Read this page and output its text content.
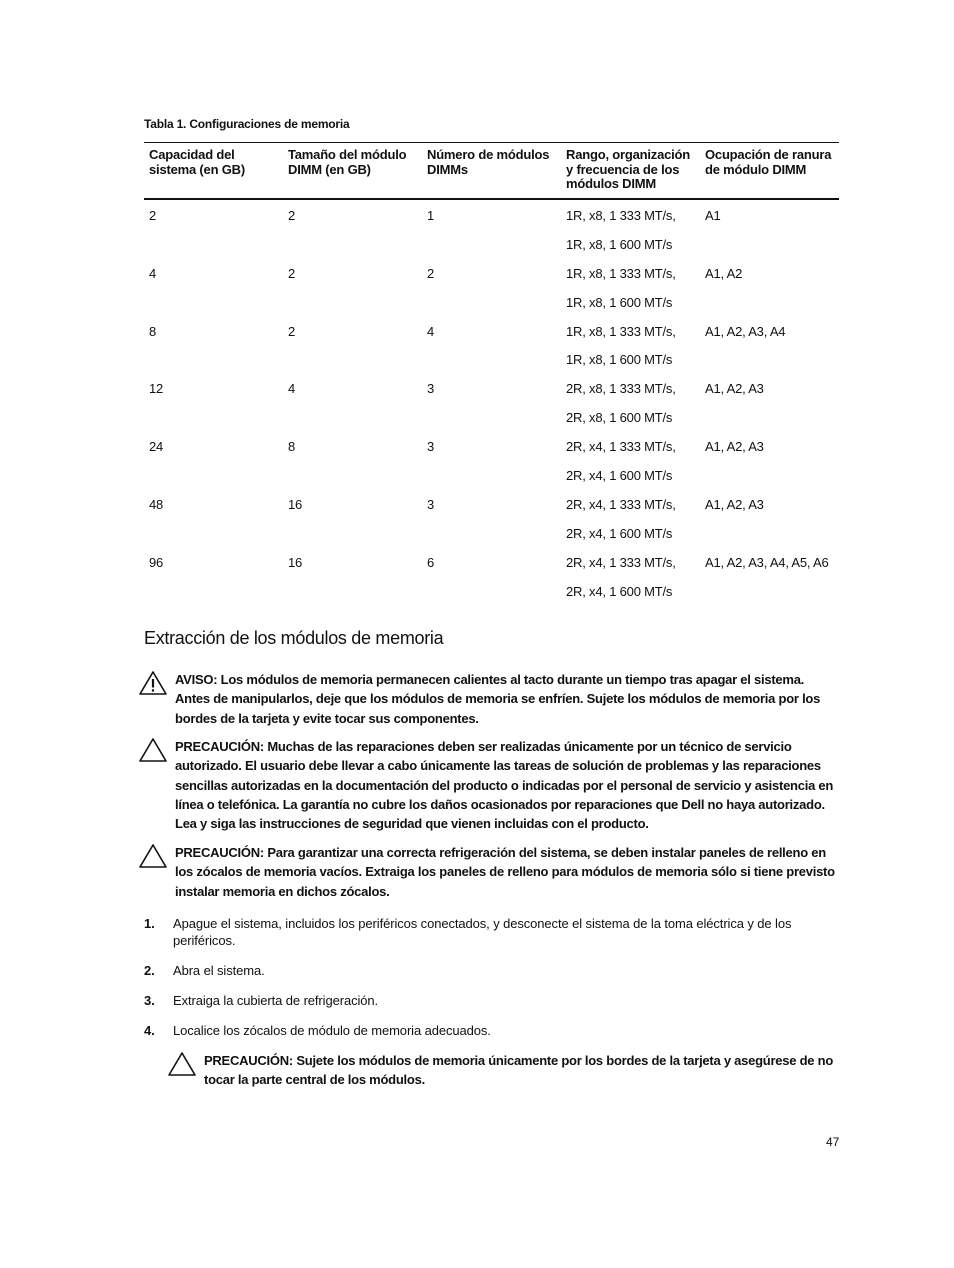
Tabla 1. Configuraciones de memoria
Capacidad del sistema (en GB)	Tamaño del módulo DIMM (en GB)	Número de módulos DIMMs	Rango, organización y frecuencia de los módulos DIMM	Ocupación de ranura de módulo DIMM
2	2	1	1R, x8, 1 333 MT/s,	A1
			1R, x8, 1 600 MT/s	
4	2	2	1R, x8, 1 333 MT/s,	A1, A2
			1R, x8, 1 600 MT/s	
8	2	4	1R, x8, 1 333 MT/s,	A1, A2, A3, A4
			1R, x8, 1 600 MT/s	
12	4	3	2R, x8, 1 333 MT/s,	A1, A2, A3
			2R, x8, 1 600 MT/s	
24	8	3	2R, x4, 1 333 MT/s,	A1, A2, A3
			2R, x4, 1 600 MT/s	
48	16	3	2R, x4, 1 333 MT/s,	A1, A2, A3
			2R, x4, 1 600 MT/s	
96	16	6	2R, x4, 1 333 MT/s,	A1, A2, A3, A4, A5, A6
			2R, x4, 1 600 MT/s	
Extracción de los módulos de memoria
AVISO: Los módulos de memoria permanecen calientes al tacto durante un tiempo tras apagar el sistema. Antes de manipularlos, deje que los módulos de memoria se enfríen. Sujete los módulos de memoria por los bordes de la tarjeta y evite tocar sus componentes.
PRECAUCIÓN: Muchas de las reparaciones deben ser realizadas únicamente por un técnico de servicio autorizado. El usuario debe llevar a cabo únicamente las tareas de solución de problemas y las reparaciones sencillas autorizadas en la documentación del producto o indicadas por el personal de servicio y asistencia en línea o telefónica. La garantía no cubre los daños ocasionados por reparaciones que Dell no haya autorizado. Lea y siga las instrucciones de seguridad que vienen incluidas con el producto.
PRECAUCIÓN: Para garantizar una correcta refrigeración del sistema, se deben instalar paneles de relleno en los zócalos de memoria vacíos. Extraiga los paneles de relleno para módulos de memoria sólo si tiene previsto instalar memoria en dichos zócalos.
1. Apague el sistema, incluidos los periféricos conectados, y desconecte el sistema de la toma eléctrica y de los periféricos.
2. Abra el sistema.
3. Extraiga la cubierta de refrigeración.
4. Localice los zócalos de módulo de memoria adecuados.
PRECAUCIÓN: Sujete los módulos de memoria únicamente por los bordes de la tarjeta y asegúrese de no tocar la parte central de los módulos.
47
